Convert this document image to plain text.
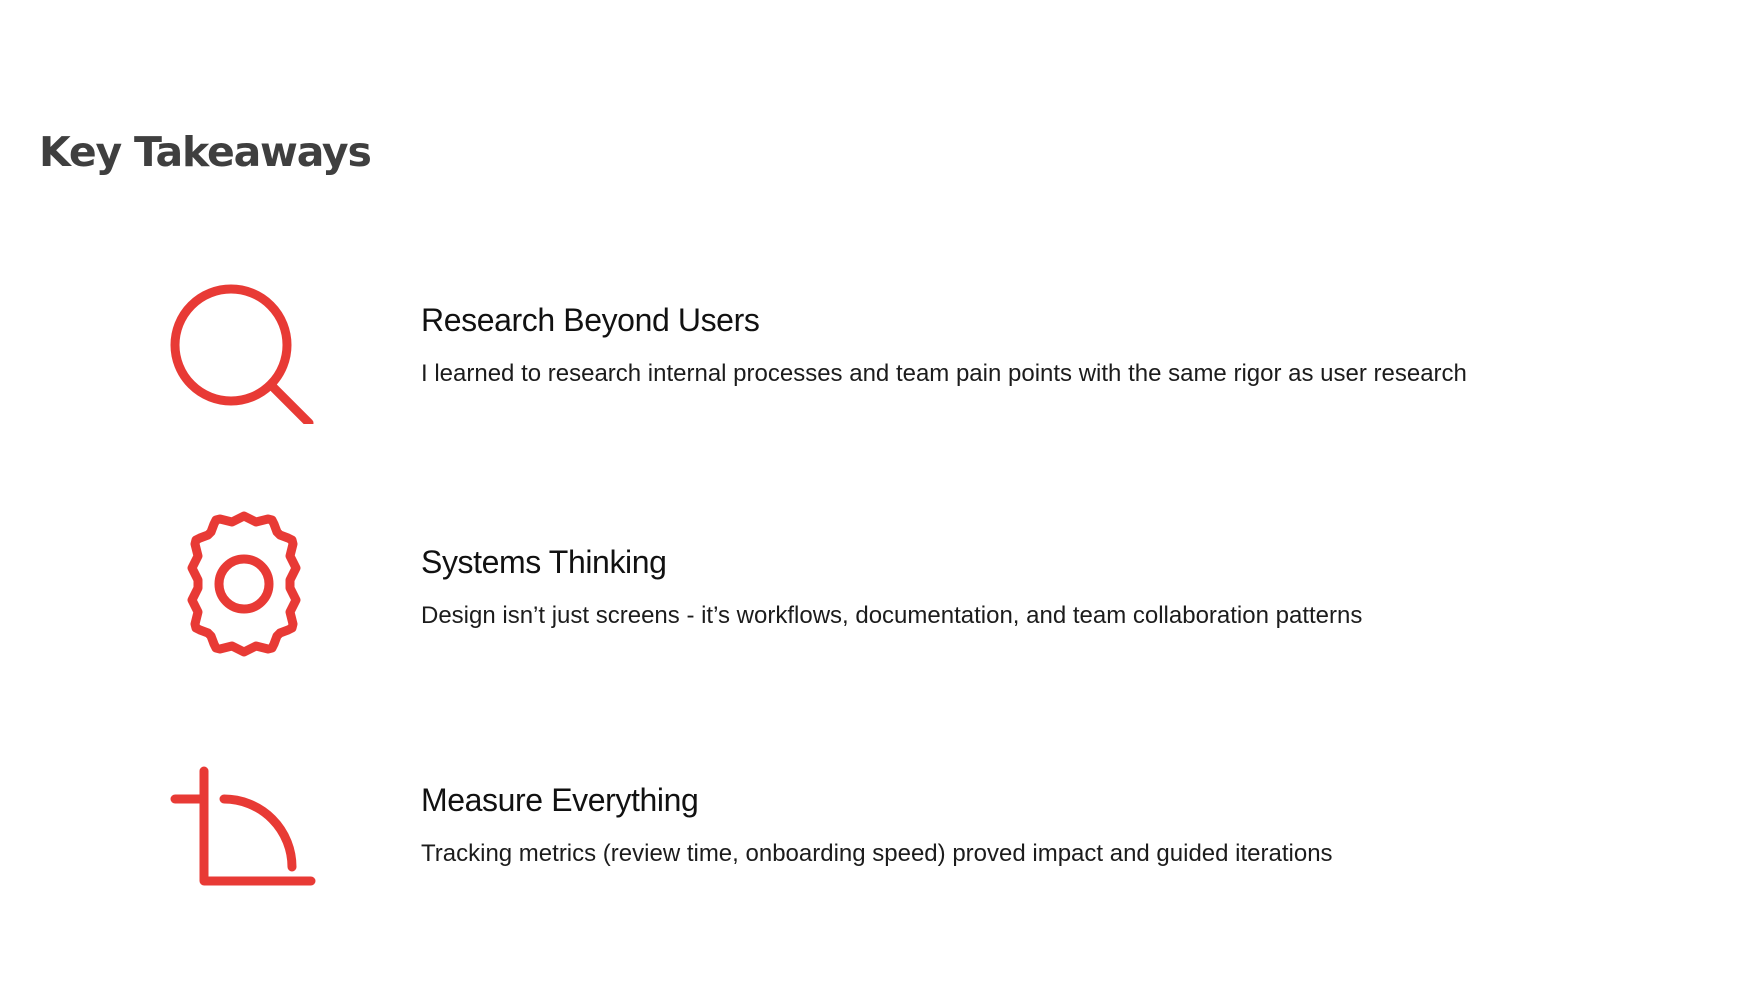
Key Takeaways
Research Beyond Users

I learned to research internal processes and team pain points with the same rigor as user research

Systems Thinking

Design isn’t just screens - it’s workflows, documentation, and team collaboration patterns

Measure Everything

Tracking metrics (review time, onboarding speed) proved impact and guided iterations
